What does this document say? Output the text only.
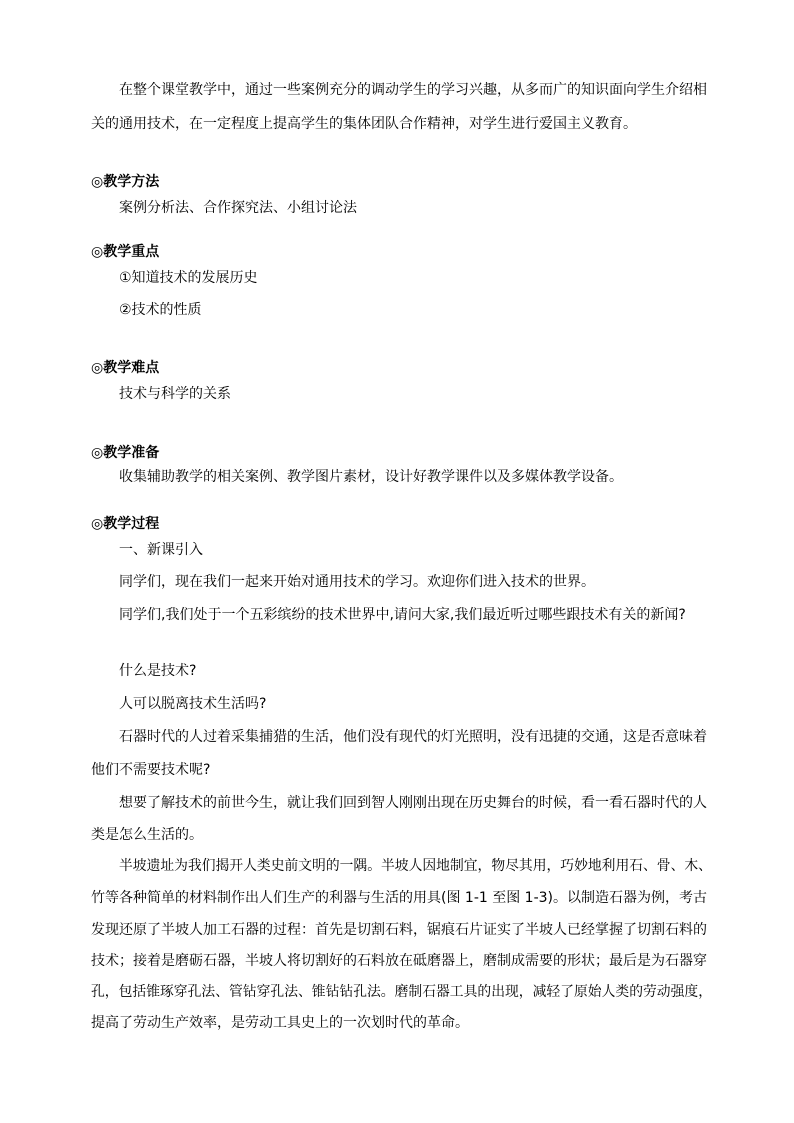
在整个课堂教学中，通过一些案例充分的调动学生的学习兴趣，从多而广的知识面向学生介绍相

关的通用技术，在一定程度上提高学生的集体团队合作精神，对学生进行爱国主义教育。

◎教学方法

案例分析法、合作探究法、小组讨论法

◎教学重点

①知道技术的发展历史

②技术的性质

◎教学难点

技术与科学的关系

◎教学准备

收集辅助教学的相关案例、教学图片素材，设计好教学课件以及多媒体教学设备。

◎教学过程

一、新课引入

同学们，现在我们一起来开始对通用技术的学习。欢迎你们进入技术的世界。

同学们,我们处于一个五彩缤纷的技术世界中,请问大家,我们最近听过哪些跟技术有关的新闻?

什么是技术?

人可以脱离技术生活吗?

石器时代的人过着采集捕猎的生活，他们没有现代的灯光照明，没有迅捷的交通，这是否意味着

他们不需要技术呢?

想要了解技术的前世今生，就让我们回到智人刚刚出现在历史舞台的时候，看一看石器时代的人

类是怎么生活的。

半坡遗址为我们揭开人类史前文明的一隅。半坡人因地制宜，物尽其用，巧妙地利用石、骨、木、

竹等各种简单的材料制作出人们生产的利器与生活的用具(图 1-1 至图 1-3)。以制造石器为例，考古

发现还原了半坡人加工石器的过程：首先是切割石料，锯痕石片证实了半坡人已经掌握了切割石料的

技术；接着是磨砺石器，半坡人将切割好的石料放在砥磨器上，磨制成需要的形状；最后是为石器穿

孔，包括锥琢穿孔法、管钻穿孔法、锥钻钻孔法。磨制石器工具的出现，减轻了原始人类的劳动强度，

提高了劳动生产效率，是劳动工具史上的一次划时代的革命。
